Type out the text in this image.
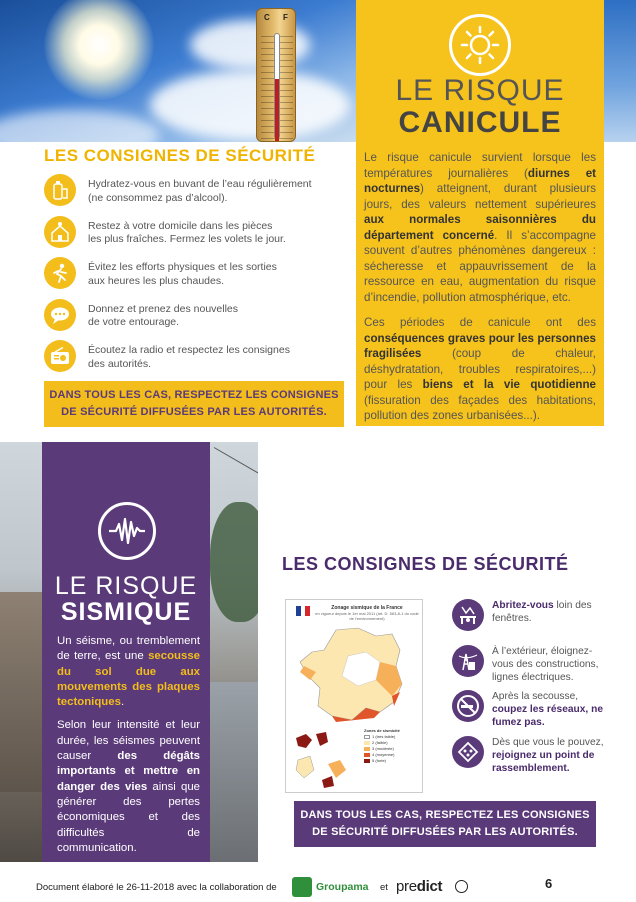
C F
LE RISQUE
CANICULE

Le risque canicule survient lorsque les températures journalières (diurnes et nocturnes) atteignent, durant plusieurs jours, des valeurs nettement supérieures aux normales saisonnières du département concerné. Il s’accompagne souvent d’autres phénomènes dangereux : sécheresse et appauvrissement de la ressource en eau, augmentation du risque d’incendie, pollution atmosphérique, etc.

Ces périodes de canicule ont des conséquences graves pour les personnes fragilisées (coup de chaleur, déshydratation, troubles respiratoires,...) pour les biens et la vie quotidienne (fissuration des façades des habitations, pollution des zones urbanisées...).

LES CONSIGNES DE SÉCURITÉ
Hydratez-vous en buvant de l’eau régulièrement
(ne consommez pas d’alcool).
Restez à votre domicile dans les pièces
les plus fraîches. Fermez les volets le jour.
Évitez les efforts physiques et les sorties
aux heures les plus chaudes.
Donnez et prenez des nouvelles
de votre entourage.
Écoutez la radio et respectez les consignes
des autorités.
DANS TOUS LES CAS, RESPECTEZ LES CONSIGNES
DE SÉCURITÉ DIFFUSÉES PAR LES AUTORITÉS.
LE RISQUE
SISMIQUE

Un séisme, ou tremblement de terre, est une secousse du sol due aux mouvements des plaques tectoniques.

Selon leur intensité et leur durée, les séismes peuvent causer des dégâts importants et mettre en danger des vies ainsi que générer des pertes économiques et des difficultés de communication.

LES CONSIGNES DE SÉCURITÉ
Zonage sismique de la France
en vigueur depuis le 1er mai 2011 (art. D. 563-8-1 du code de l’environnement)
Zones de sismicité
1 (très faible)
2 (faible)
3 (modérée)
4 (moyenne)
5 (forte)
Abritez-vous loin des fenêtres.
À l’extérieur, éloignez-vous des constructions, lignes électriques.
Après la secousse, coupez les réseaux, ne fumez pas.
Dès que vous le pouvez, rejoignez un point de rassemblement.
DANS TOUS LES CAS, RESPECTEZ LES CONSIGNES
DE SÉCURITÉ DIFFUSÉES PAR LES AUTORITÉS.
Document élaboré le 26-11-2018 avec la collaboration de	Groupama et predict	6
